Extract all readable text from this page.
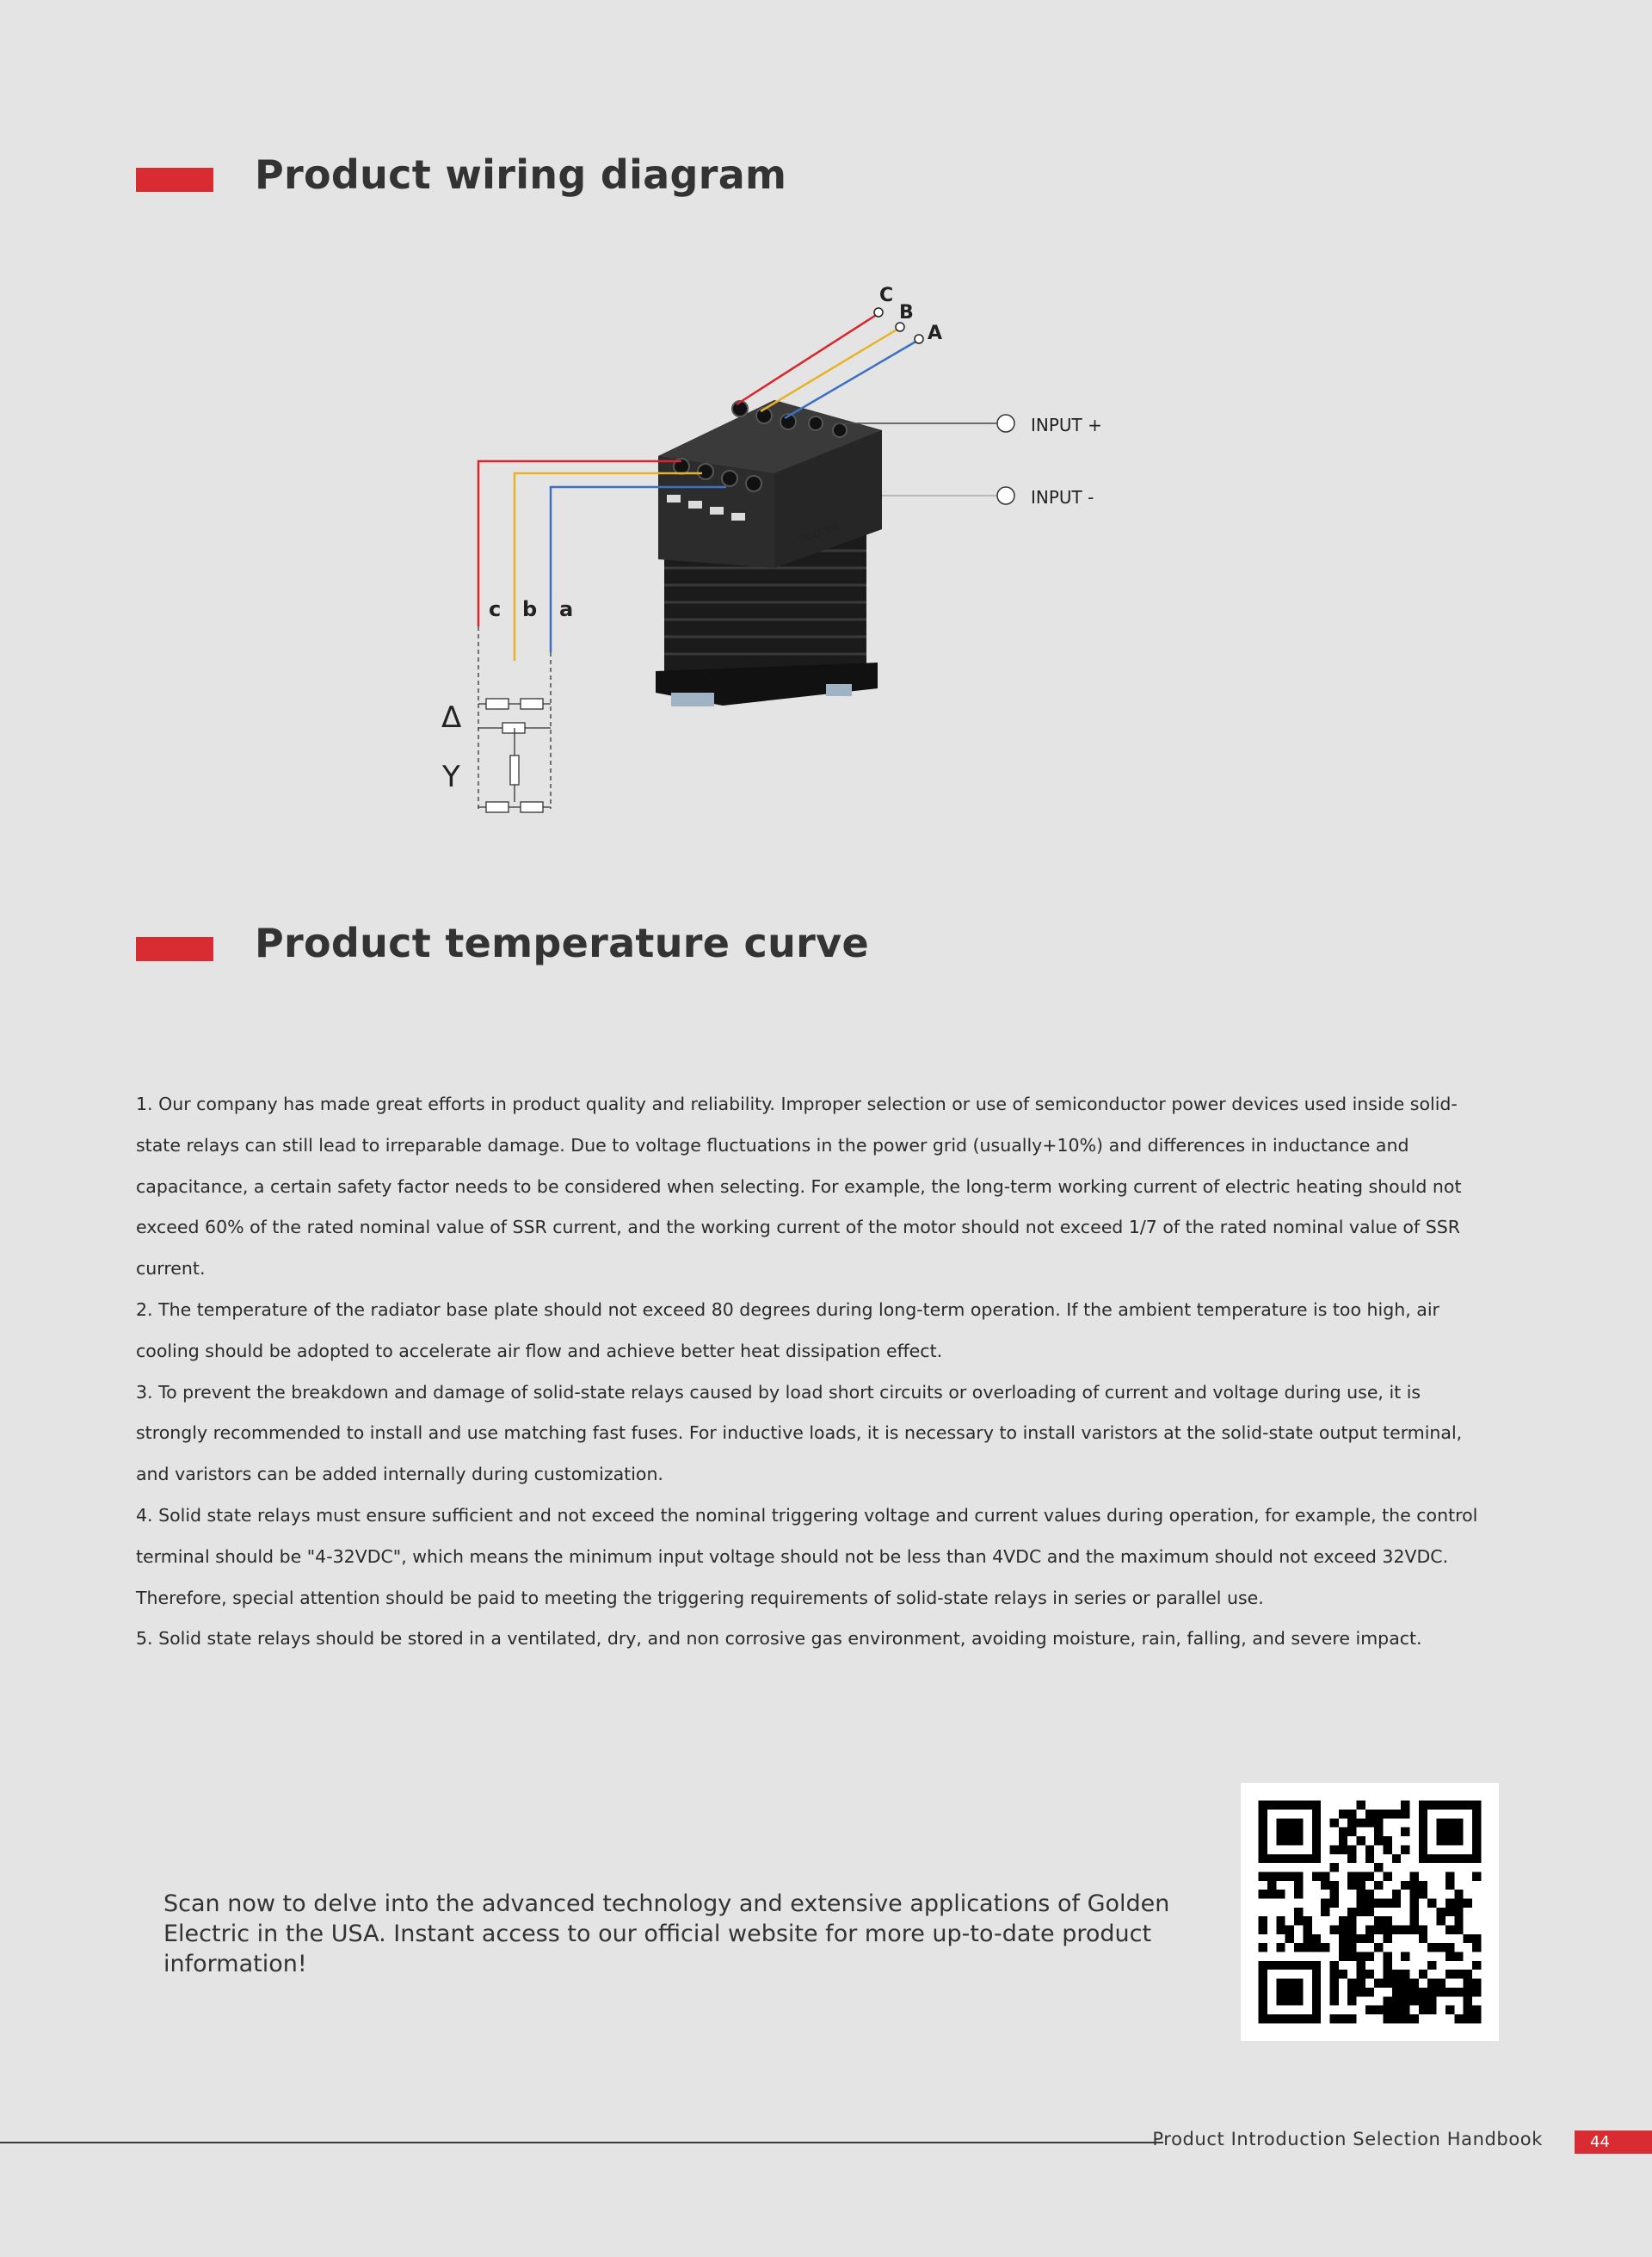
Product wiring diagram
GOLDEN
C
B
A
INPUT +
INPUT -
c b a
Δ
Y
Product temperature curve

1. Our company has made great efforts in product quality and reliability. Improper selection or use of semiconductor power devices used inside solid-state relays can still lead to irreparable damage. Due to voltage fluctuations in the power grid (usually+10%) and differences in inductance and capacitance, a certain safety factor needs to be considered when selecting. For example, the long-term working current of electric heating should not exceed 60% of the rated nominal value of SSR current, and the working current of the motor should not exceed 1/7 of the rated nominal value of SSR current.

2. The temperature of the radiator base plate should not exceed 80 degrees during long-term operation. If the ambient temperature is too high, air cooling should be adopted to accelerate air flow and achieve better heat dissipation effect.

3. To prevent the breakdown and damage of solid-state relays caused by load short circuits or overloading of current and voltage during use, it is strongly recommended to install and use matching fast fuses. For inductive loads, it is necessary to install varistors at the solid-state output terminal, and varistors can be added internally during customization.

4. Solid state relays must ensure sufficient and not exceed the nominal triggering voltage and current values during operation, for example, the control terminal should be "4-32VDC", which means the minimum input voltage should not be less than 4VDC and the maximum should not exceed 32VDC. Therefore, special attention should be paid to meeting the triggering requirements of solid-state relays in series or parallel use.

5. Solid state relays should be stored in a ventilated, dry, and non corrosive gas environment, avoiding moisture, rain, falling, and severe impact.

Scan now to delve into the advanced technology and extensive applications of Golden Electric in the USA. Instant access to our official website for more up-to-date product information!
Product Introduction Selection Handbook	44
